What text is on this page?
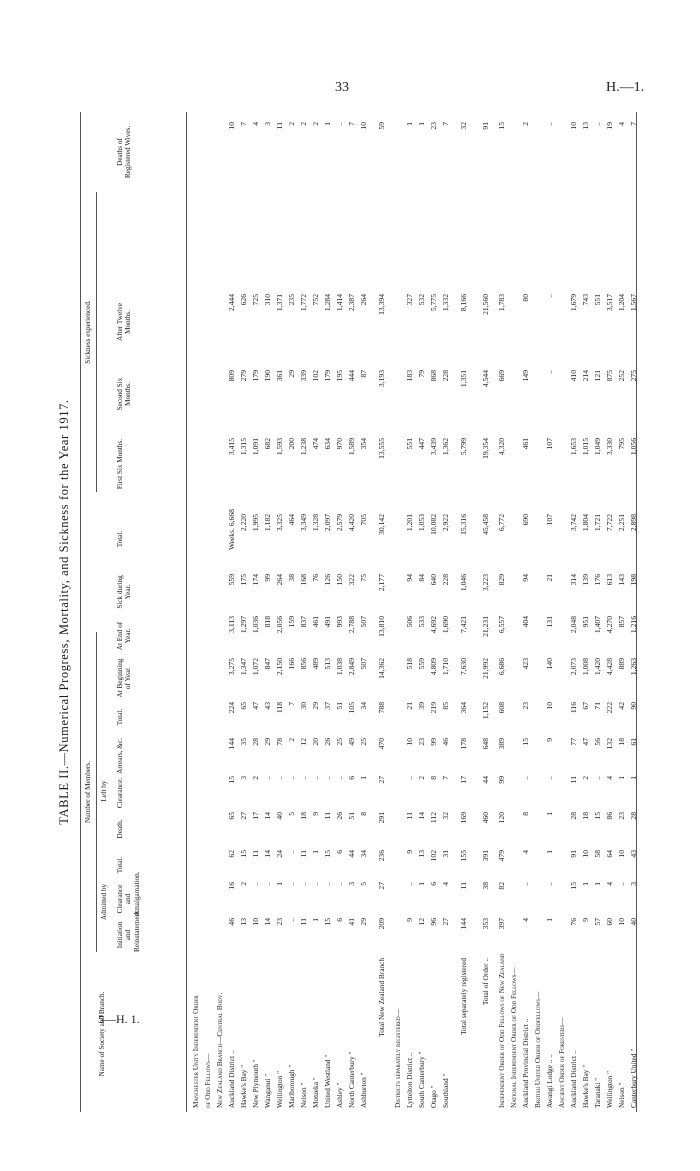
33	H.—1.
5—H. 1.
TABLE II.—Numerical Progress, Mortality, and Sickness for the Year 1917.
Name of Society and Branch.
Number of Members.
Admitted by
Left by
Sickness experienced.
Initiation and Reinstatement.
Clearance and Amalgamation.
Total.
Death.
Clearance.
Arrears, &c.
Total.
At Beginning of Year.
At End of Year.
Sick during Year.
Total.
First Six Months.
Second Six Months.
After Twelve Months.
Deaths of Registered Wives.
Manchester Unity Independent Order of Odd Fellows— New Zealand Branch—Central Body. Auckland District ..
46
16
62
65
15
144
224
3,275
3,113
559
Weeks. 6,668
3,415
809
2,444
10
Hawke's Bay "
13
2
15
27
3
35
65
1,347
1,297
175
2,220
1,315
279
626
7
New Plymouth "
10
..
11
17
2
28
47
1,072
1,036
174
1,995
1,091
179
725
4
Wanganui "
14
..
14
14
..
29
43
847
818
99
1,182
682
190
310
3
Wellington "
23
1
24
40
..
78
118
2,150
2,056
264
3,325
1,593
361
1,371
11
Marlborough "
..
..
..
5
..
2
7
166
159
38
464
200
29
235
2
Nelson "
11
..
11
18
..
12
30
856
837
168
3,349
1,238
339
1,772
2
Motueka "
1
..
1
9
..
20
29
489
461
76
1,328
474
102
752
2
United Westland "
15
..
15
11
..
26
37
513
491
126
2,097
634
179
1,284
1
Ashley "
6
..
6
26
..
25
51
1,038
993
150
2,579
970
195
1,414
..
North Canterbury "
41
3
44
51
6
49
105
2,849
2,788
322
4,420
1,589
444
2,387
7
Ashburton "
29
5
34
8
1
25
34
507
507
75
705
354
87
264
10
Total New Zealand Branch
209
27
236
291
27
470
788
14,362
13,810
2,177
30,142
13,555
3,193
13,394
59
Districts separately registered— Lyttelton District ..
9
..
9
11
..
10
21
518
506
94
1,201
551
183
327
1
South Canterbury "
12
1
13
14
2
23
39
559
533
84
1,053
447
79
532
1
Otago "
96
6
102
112
8
99
219
4,809
4,692
640
10,082
3,439
868
5,775
23
Southland "
27
4
31
32
7
46
85
1,710
1,690
228
2,922
1,362
228
1,332
7
Total separately registered
144
11
155
169
17
178
364
7,630
7,421
1,046
15,316
5,799
1,351
8,166
32
Total of Order ..
353
38
391
460
44
648
1,152
21,992
21,231
3,223
45,458
19,354
4,544
21,560
91
Independent Order of Odd Fellows of New Zealand
397
82
479
120
99
389
608
6,686
6,557
829
6,772
4,320
669
1,783
15
National Independent Order of Odd Fellows— Auckland Provincial District ..
4
..
4
8
..
15
23
423
404
94
690
461
149
80
2
British United Order of Oddfellows— Awangi Lodge .. ..
1
..
1
1
..
9
10
140
131
21
107
107
..
..
..
Ancient Order of Foresters— Auckland District ..
76
15
91
28
11
77
116
2,073
2,048
314
3,742
1,653
410
1,679
10
Hawke's Bay "
9
1
10
18
2
47
67
1,008
951
139
1,804
1,015
214
743
13
Taranaki "
57
1
58
15
..
56
71
1,420
1,407
176
1,721
1,049
121
551
..
Wellington "
60
4
64
86
4
132
222
4,428
4,270
613
7,722
3,330
875
3,517
19
Nelson "
10
..
10
23
1
18
42
889
857
143
2,251
795
252
1,204
4
Canterbury United "
40
3
43
28
1
61
90
1,263
1,216
198
2,898
1,056
275
1,567
7
